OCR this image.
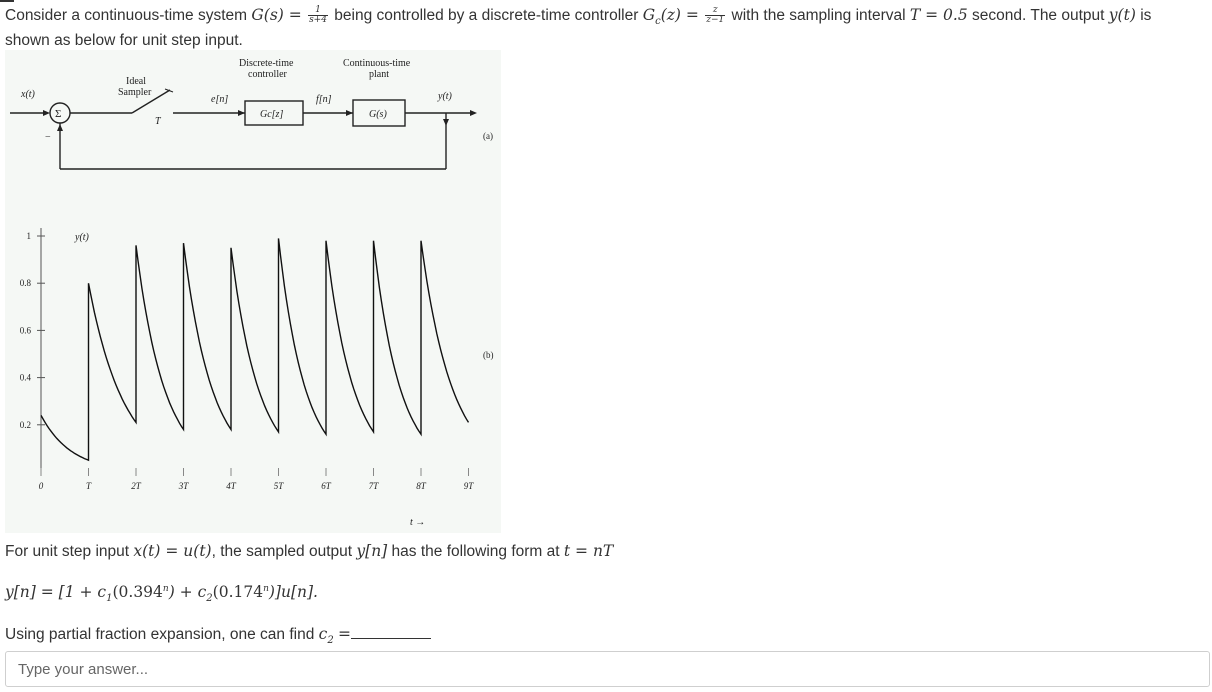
Consider a continuous-time system $G(s) = \frac{1}{s+4}$ being controlled by a discrete-time controller $G_c(z) = \frac{z}{z-1}$ with the sampling interval T = 0.5 second. The output y(t) is
shown as below for unit step input.
x(t)
Σ
−
Ideal
Sampler
T
e[n]
Discrete-time
controller
Gc[z]
f[n]
Continuous-time
plant
G(s)
y(t)
(a)
0	T	2T	3T	4T	5T	6T	7T	8T	9T
0.2
0.4
0.6
0.8
1	y(t)
(b)
t →
For unit step input x(t) = u(t), the sampled output y[n] has the following form at t = nT
$y[n] = [1 + c_1(0.394^n) + c_2(0.174^n)]u[n]$.
Using partial fraction expansion, one can find $c_2$ =
Type your answer...
